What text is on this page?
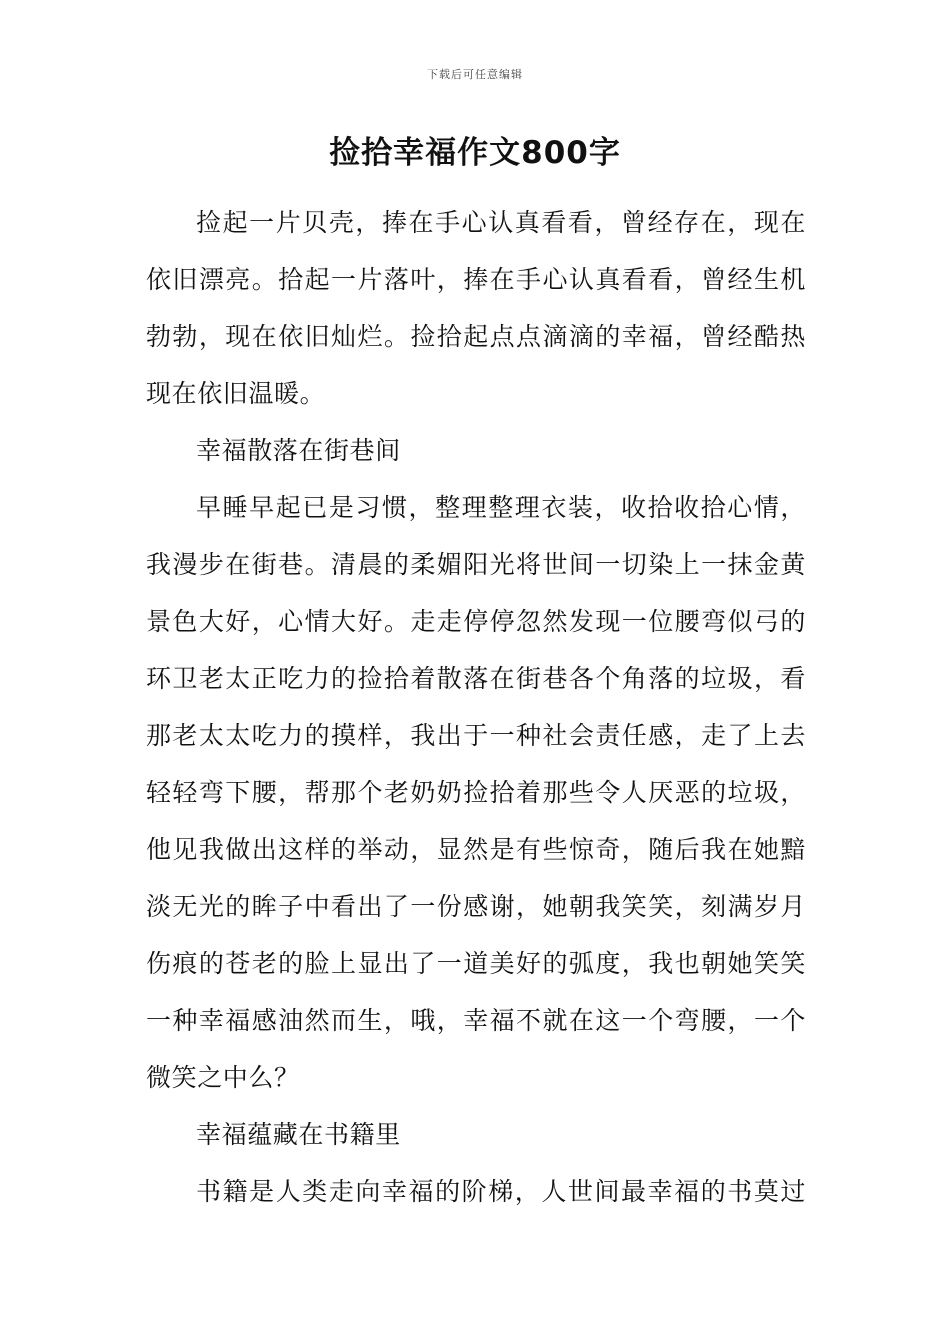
下载后可任意编辑
捡拾幸福作文800字
捡起一片贝壳，捧在手心认真看看，曾经存在，现在
依旧漂亮。拾起一片落叶，捧在手心认真看看，曾经生机
勃勃，现在依旧灿烂。捡拾起点点滴滴的幸福，曾经酷热
现在依旧温暖。
幸福散落在街巷间
早睡早起已是习惯，整理整理衣装，收拾收拾心情，
我漫步在街巷。清晨的柔媚阳光将世间一切染上一抹金黄
景色大好，心情大好。走走停停忽然发现一位腰弯似弓的
环卫老太正吃力的捡拾着散落在街巷各个角落的垃圾，看
那老太太吃力的摸样，我出于一种社会责任感，走了上去
轻轻弯下腰，帮那个老奶奶捡拾着那些令人厌恶的垃圾，
他见我做出这样的举动，显然是有些惊奇，随后我在她黯
淡无光的眸子中看出了一份感谢，她朝我笑笑，刻满岁月
伤痕的苍老的脸上显出了一道美好的弧度，我也朝她笑笑
一种幸福感油然而生，哦，幸福不就在这一个弯腰，一个
微笑之中么？
幸福蕴藏在书籍里
书籍是人类走向幸福的阶梯，人世间最幸福的书莫过
